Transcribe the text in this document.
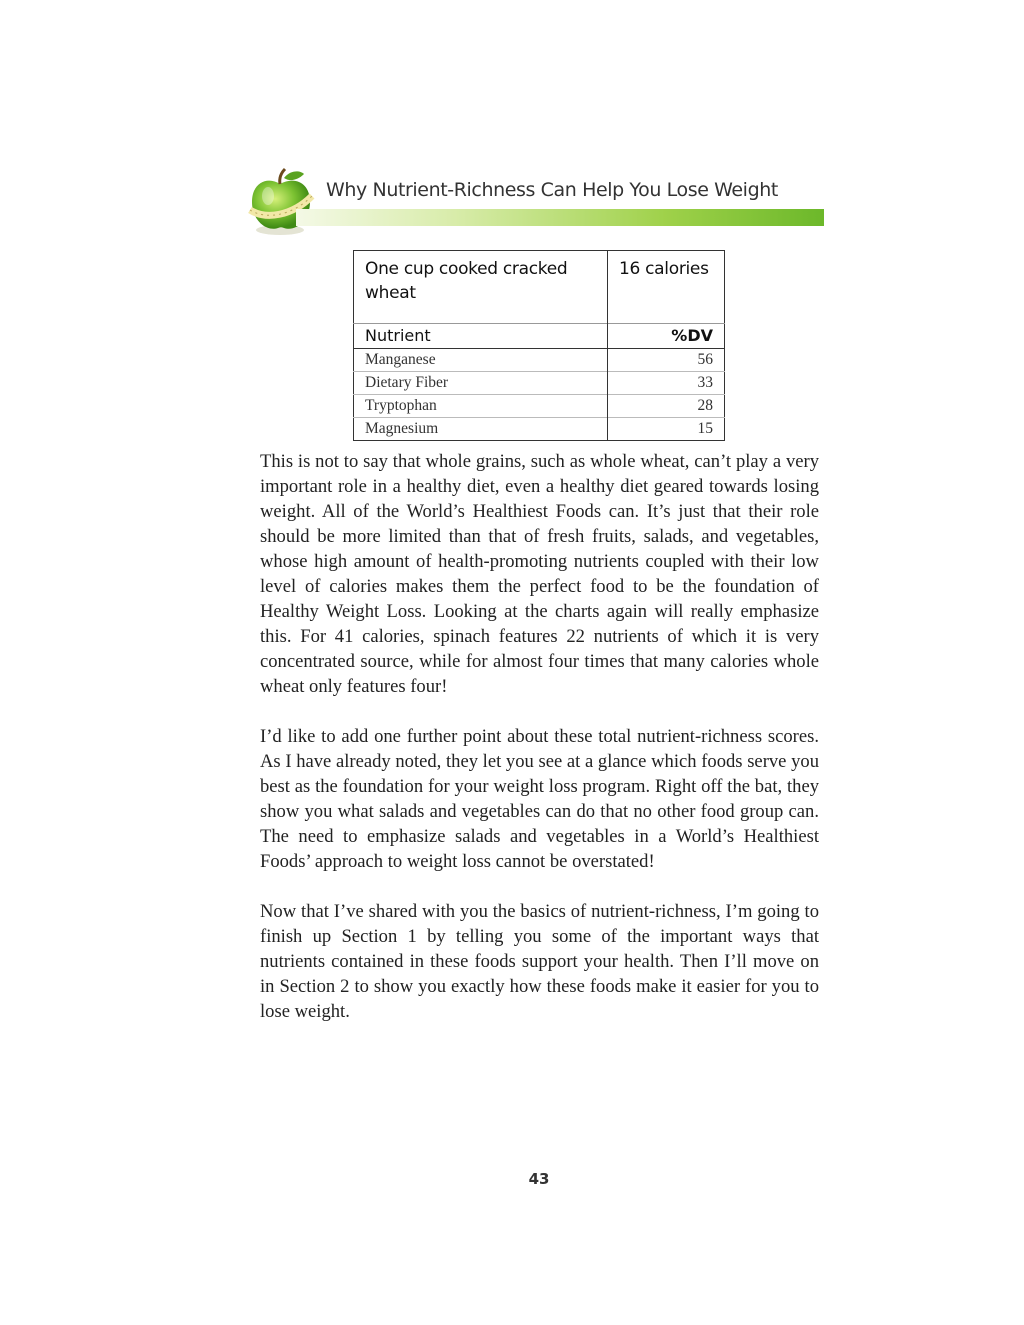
Why Nutrient-Richness Can Help You Lose Weight
One cup cooked cracked wheat	16 calories
Nutrient	%DV
Manganese	56
Dietary Fiber	33
Tryptophan	28
Magnesium	15

This is not to say that whole grains, such as whole wheat, can’t play a very important role in a healthy diet, even a healthy diet geared towards losing weight. All of the World’s Healthiest Foods can. It’s just that their role should be more limited than that of fresh fruits, salads, and vegetables, whose high amount of health-promoting nutrients coupled with their low level of calories makes them the perfect food to be the foundation of Healthy Weight Loss. Looking at the charts again will really emphasize this. For 41 calories, spinach features 22 nutrients of which it is very concentrated source, while for almost four times that many calories whole wheat only features four!

I’d like to add one further point about these total nutrient-richness scores. As I have already noted, they let you see at a glance which foods serve you best as the foundation for your weight loss program. Right off the bat, they show you what salads and vegetables can do that no other food group can. The need to emphasize salads and vegetables in a World’s Healthiest Foods’ approach to weight loss cannot be overstated!

Now that I’ve shared with you the basics of nutrient-richness, I’m going to finish up Section 1 by telling you some of the important ways that nutrients contained in these foods support your health. Then I’ll move on in Section 2 to show you exactly how these foods make it easier for you to lose weight.

43
